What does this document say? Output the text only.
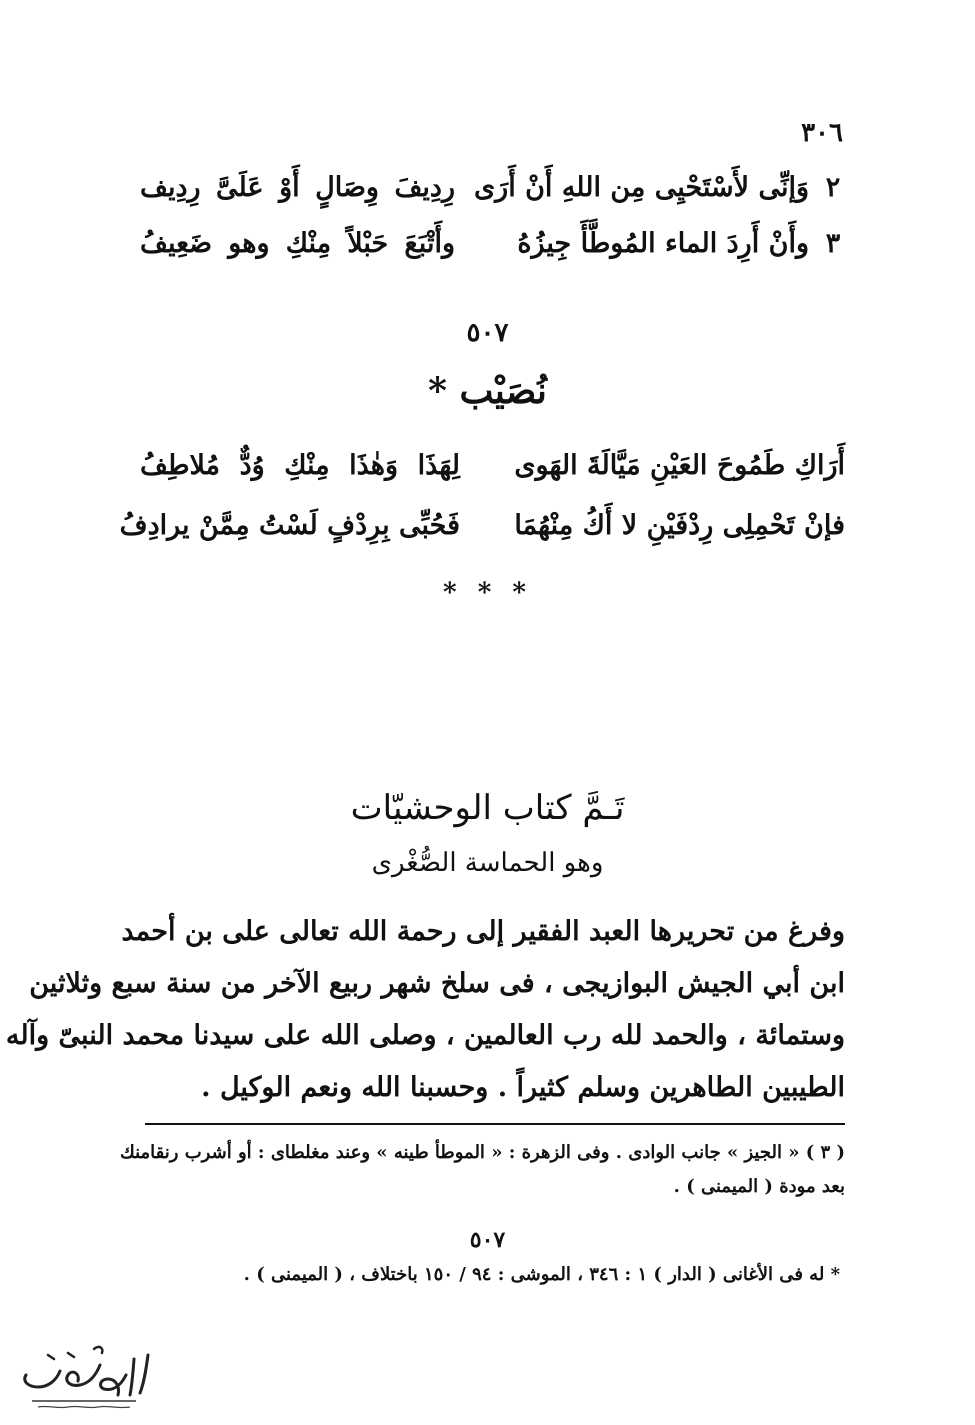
٣٠٦
٢
وَإنِّى لأَسْتَحْيِى مِن اللهِ أَنْ أَرَى
رِدِيفَ وِصَالٍ أَوْ عَلَىَّ رِدِيف
٣
وأَنْ أَرِدَ الماء المُوطَّأَ جِيزُهُ
وأَتْبَعَ حَبْلاً مِنْكِ وهو ضَعِيفُ
٥٠٧
نُصَيْب *
أَرَاكِ طَمُوحَ العَيْنِ مَيَّالَةَ الهَوى
لِهَذَا وَهٰذَا مِنْكِ وُدٌّ مُلاطِفُ
فإنْ تَحْمِلِى رِدْفَيْنِ لا أَكُ مِنْهُمَا
فَحُبِّى بِرِدْفٍ لَسْتُ مِمَّنْ يرادِفُ
* * *
تَـمَّ كتاب الوحشيّات
وهو الحماسة الصُّغْرى
وفرغ من تحريرها العبد الفقير إلى رحمة الله تعالى على بن أحمد
ابن أبي الجيش البوازيجى ، فى سلخ شهر ربيع الآخر من سنة سبع وثلاثين
وستمائة ، والحمد لله رب العالمين ، وصلى الله على سيدنا محمد النبىّ وآله
الطيبين الطاهرين وسلم كثيراً . وحسبنا الله ونعم الوكيل .
( ٣ ) « الجيز » جانب الوادى . وفى الزهرة : « الموطأ طينه » وعند مغلطاى : أو أشرب رنقامنك
بعد مودة ( الميمنى ) .
٥٠٧
* له فى الأغانى ( الدار ) ١ : ٣٤٦ ، الموشى : ٩٤ / ١٥٠ باختلاف ، ( الميمنى ) .
